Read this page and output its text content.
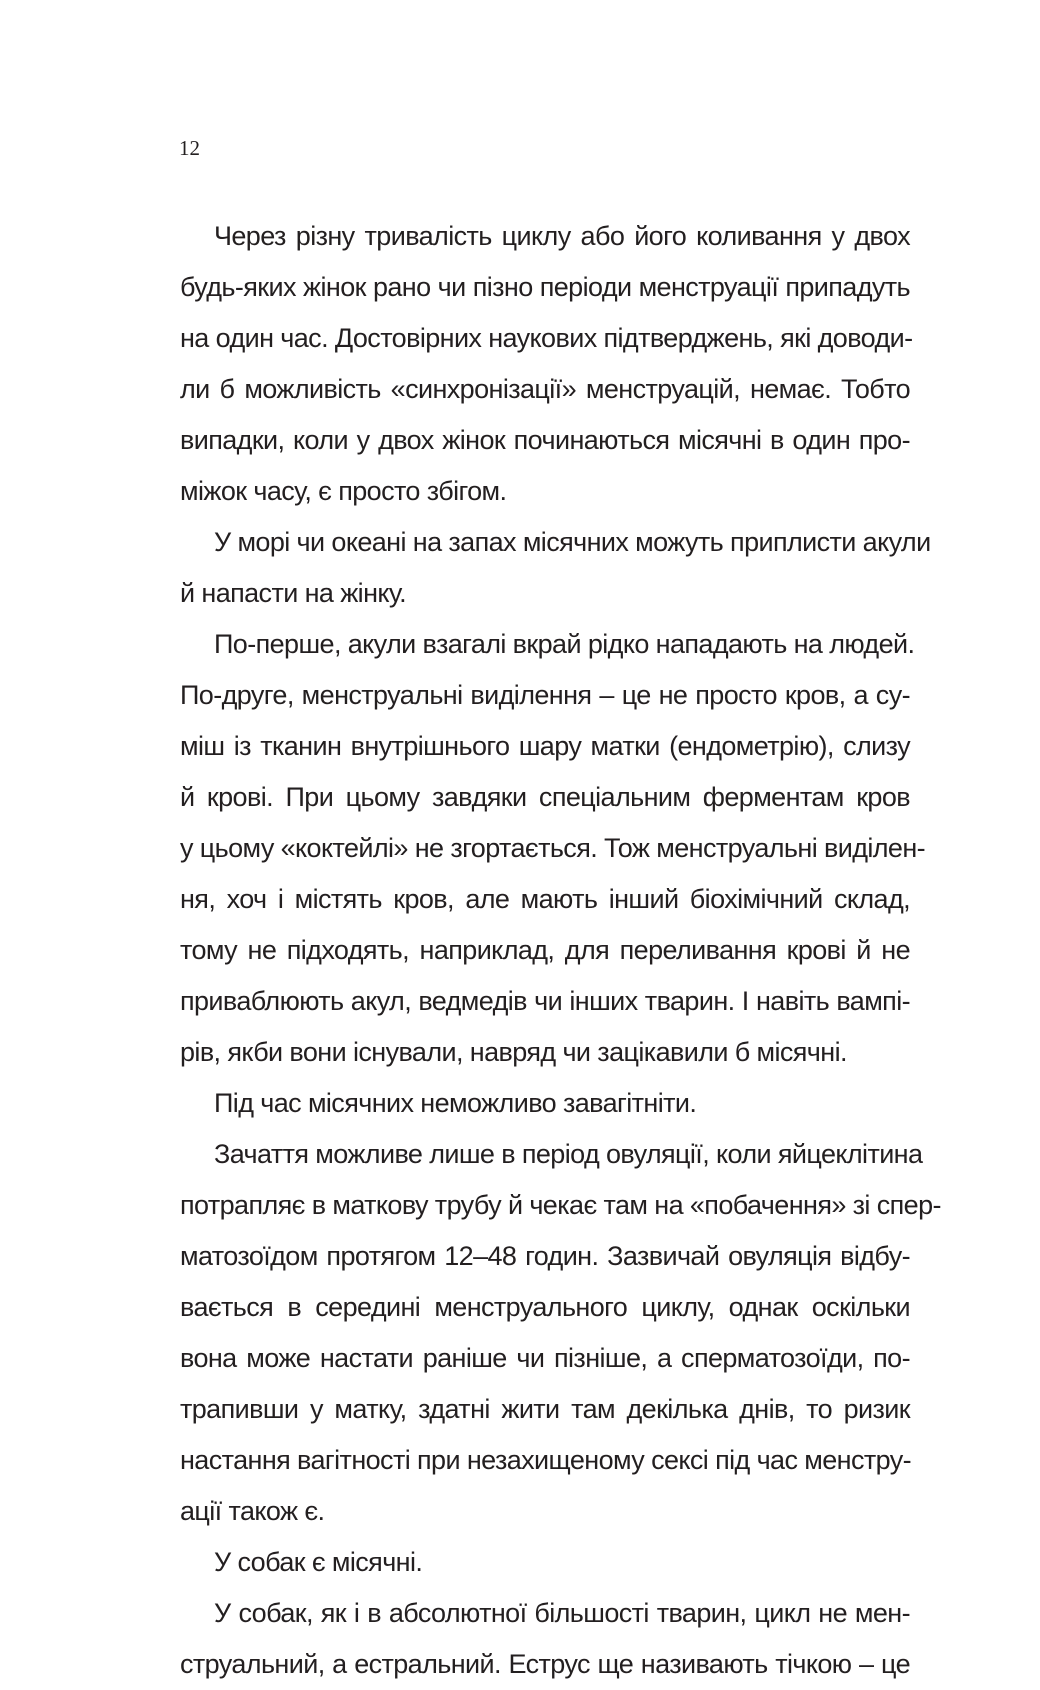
12
Через різну тривалість циклу або його коливання у двох
будь-яких жінок рано чи пізно періоди менструації припадуть
на один час. Достовірних наукових підтверджень, які доводи-
ли б можливість «синхронізації» менструацій, немає. Тобто
випадки, коли у двох жінок починаються місячні в один про-
міжок часу, є просто збігом.
У морі чи океані на запах місячних можуть приплисти акули
й напасти на жінку.
По-перше, акули взагалі вкрай рідко нападають на людей.
По-друге, менструальні виділення – це не просто кров, а су-
міш із тканин внутрішнього шару матки (ендометрію), слизу
й крові. При цьому завдяки спеціальним ферментам кров
у цьому «коктейлі» не згортається. Тож менструальні виділен-
ня, хоч і містять кров, але мають інший біохімічний склад,
тому не підходять, наприклад, для переливання крові й не
приваблюють акул, ведмедів чи інших тварин. І навіть вампі-
рів, якби вони існували, навряд чи зацікавили б місячні.
Під час місячних неможливо завагітніти.
Зачаття можливе лише в період овуляції, коли яйцеклітина
потрапляє в маткову трубу й чекає там на «побачення» зі спер-
матозоїдом протягом 12–48 годин. Зазвичай овуляція відбу-
вається в середині менструального циклу, однак оскільки
вона може настати раніше чи пізніше, а сперматозоїди, по-
трапивши у матку, здатні жити там декілька днів, то ризик
настання вагітності при незахищеному сексі під час менстру-
ації також є.
У собак є місячні.
У собак, як і в абсолютної більшості тварин, цикл не мен-
струальний, а естральний. Еструс ще називають тічкою – це
